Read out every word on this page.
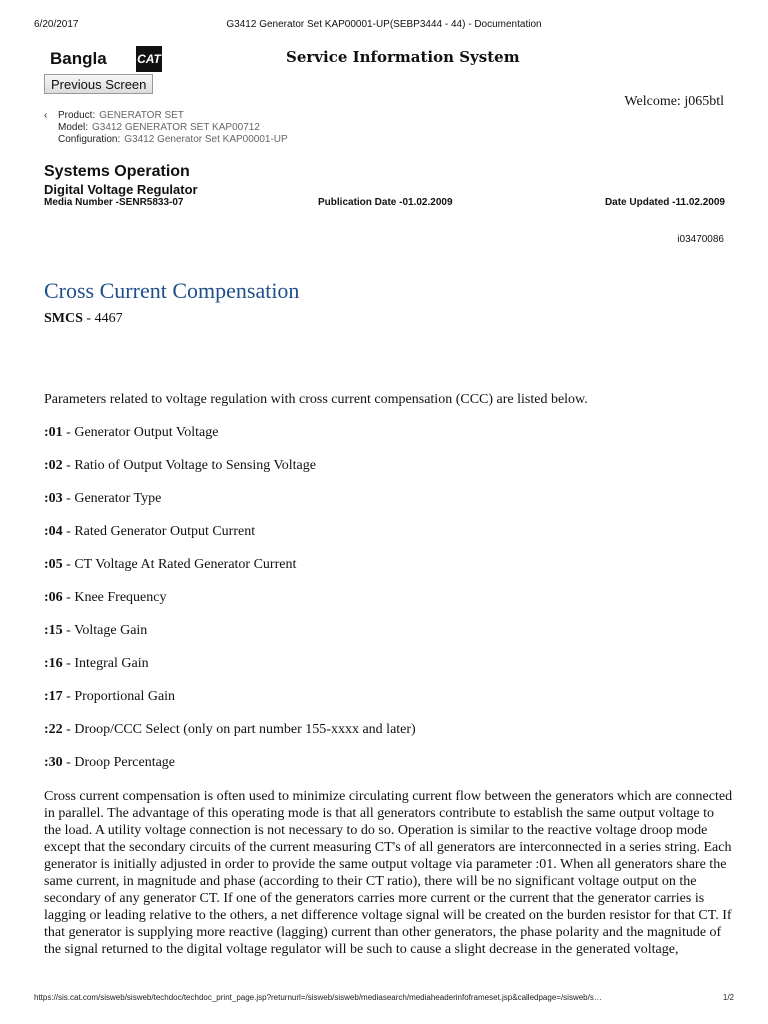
6/20/2017	G3412 Generator Set KAP00001-UP(SEBP3444 - 44) - Documentation
Bangla	CAT	Service Information System
Previous Screen
Welcome: j065btl
‹ Product: GENERATOR SET
Model: G3412 GENERATOR SET KAP00712
Configuration: G3412 Generator Set KAP00001-UP
Systems Operation
Digital Voltage Regulator
Media Number -SENR5833-07	Publication Date -01.02.2009	Date Updated -11.02.2009
i03470086
Cross Current Compensation
SMCS - 4467

Parameters related to voltage regulation with cross current compensation (CCC) are listed below.

:01 - Generator Output Voltage
:02 - Ratio of Output Voltage to Sensing Voltage
:03 - Generator Type
:04 - Rated Generator Output Current
:05 - CT Voltage At Rated Generator Current
:06 - Knee Frequency
:15 - Voltage Gain
:16 - Integral Gain
:17 - Proportional Gain
:22 - Droop/CCC Select (only on part number 155-xxxx and later)
:30 - Droop Percentage

Cross current compensation is often used to minimize circulating current flow between the generators which are connected in parallel. The advantage of this operating mode is that all generators contribute to establish the same output voltage to the load. A utility voltage connection is not necessary to do so. Operation is similar to the reactive voltage droop mode except that the secondary circuits of the current measuring CT's of all generators are interconnected in a series string. Each generator is initially adjusted in order to provide the same output voltage via parameter :01. When all generators share the same current, in magnitude and phase (according to their CT ratio), there will be no significant voltage output on the secondary of any generator CT. If one of the generators carries more current or the current that the generator carries is lagging or leading relative to the others, a net difference voltage signal will be created on the burden resistor for that CT. If that generator is supplying more reactive (lagging) current than other generators, the phase polarity and the magnitude of the signal returned to the digital voltage regulator will be such to cause a slight decrease in the generated voltage,

https://sis.cat.com/sisweb/sisweb/techdoc/techdoc_print_page.jsp?returnurl=/sisweb/sisweb/mediasearch/mediaheaderinfoframeset.jsp&calledpage=/sisweb/s…	1/2
